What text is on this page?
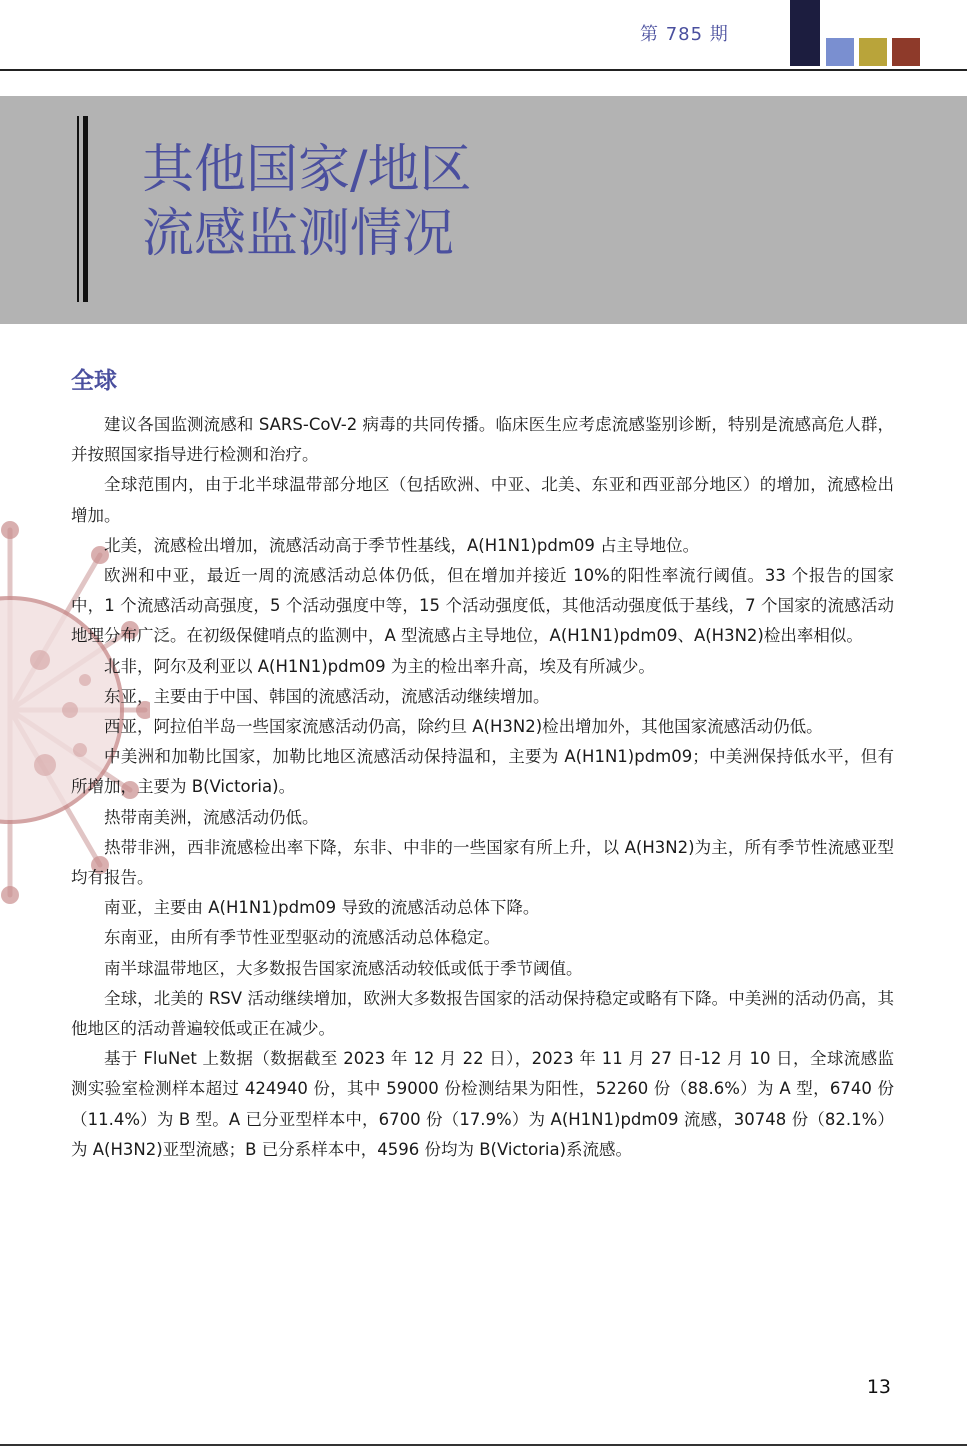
第 785 期
其他国家/地区
流感监测情况
全球

建议各国监测流感和 SARS-CoV-2 病毒的共同传播。临床医生应考虑流感鉴别诊断，特别是流感高危人群，并按照国家指导进行检测和治疗。

全球范围内，由于北半球温带部分地区（包括欧洲、中亚、北美、东亚和西亚部分地区）的增加，流感检出增加。

北美，流感检出增加，流感活动高于季节性基线，A(H1N1)pdm09 占主导地位。

欧洲和中亚，最近一周的流感活动总体仍低，但在增加并接近 10%的阳性率流行阈值。33 个报告的国家中，1 个流感活动高强度，5 个活动强度中等，15 个活动强度低，其他活动强度低于基线，7 个国家的流感活动地理分布广泛。在初级保健哨点的监测中，A 型流感占主导地位，A(H1N1)pdm09、A(H3N2)检出率相似。

北非，阿尔及利亚以 A(H1N1)pdm09 为主的检出率升高，埃及有所减少。

东亚，主要由于中国、韩国的流感活动，流感活动继续增加。

西亚，阿拉伯半岛一些国家流感活动仍高，除约旦 A(H3N2)检出增加外，其他国家流感活动仍低。

中美洲和加勒比国家，加勒比地区流感活动保持温和，主要为 A(H1N1)pdm09；中美洲保持低水平，但有所增加，主要为 B(Victoria)。

热带南美洲，流感活动仍低。

热带非洲，西非流感检出率下降，东非、中非的一些国家有所上升，以 A(H3N2)为主，所有季节性流感亚型均有报告。

南亚，主要由 A(H1N1)pdm09 导致的流感活动总体下降。

东南亚，由所有季节性亚型驱动的流感活动总体稳定。

南半球温带地区，大多数报告国家流感活动较低或低于季节阈值。

全球，北美的 RSV 活动继续增加，欧洲大多数报告国家的活动保持稳定或略有下降。中美洲的活动仍高，其他地区的活动普遍较低或正在减少。

基于 FluNet 上数据（数据截至 2023 年 12 月 22 日），2023 年 11 月 27 日-12 月 10 日，全球流感监测实验室检测样本超过 424940 份，其中 59000 份检测结果为阳性，52260 份（88.6%）为 A 型，6740 份（11.4%）为 B 型。A 已分亚型样本中，6700 份（17.9%）为 A(H1N1)pdm09 流感，30748 份（82.1%）为 A(H3N2)亚型流感；B 已分系样本中，4596 份均为 B(Victoria)系流感。

13
